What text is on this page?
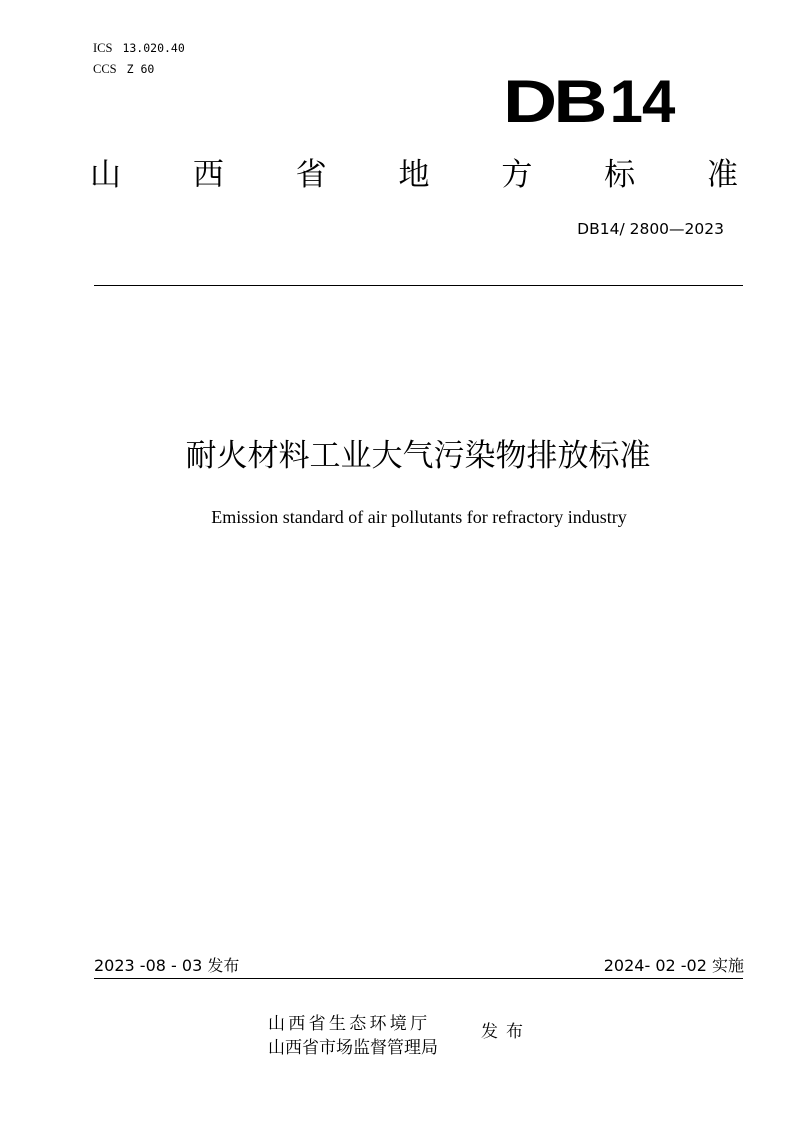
ICS 13.020.40
CCS Z 60	DB14
山 西 省 地 方 标 准
DB14/ 2800—2023
耐火材料工业大气污染物排放标准
Emission standard of air pollutants for refractory industry
2023 -08 - 03 发布	2024- 02 -02 实施
山西省生态环境厅
山西省市场监督管理局
发布
